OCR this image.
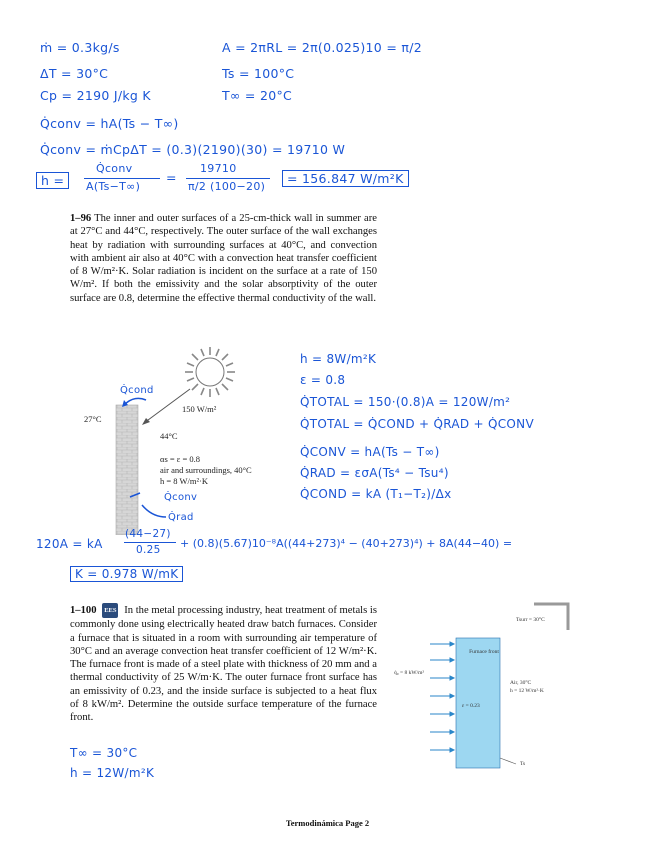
ṁ = 0.3kg/s	A = 2πRL = 2π(0.025)10 = π/2
ΔT = 30°C	Ts = 100°C
Cp = 2190 J/kg K	T∞ = 20°C
Q̇conv = hA(Ts − T∞)
Q̇conv = ṁCpΔT = (0.3)(2190)(30) = 19710 W
h =
Q̇conv
A(Ts−T∞)
=
19710
π/2 (100−20)
= 156.847 W/m²K
1–96 The inner and outer surfaces of a 25-cm-thick wall in summer are at 27°C and 44°C, respectively. The outer surface of the wall exchanges heat by radiation with surrounding surfaces at 40°C, and convection with ambient air also at 40°C with a convection heat transfer coefficient of 8 W/m²·K. Solar radiation is incident on the surface at a rate of 150 W/m². If both the emissivity and the solar absorptivity of the outer surface are 0.8, determine the effective thermal conductivity of the wall.
150 W/m²
27°C
44°C
αs = ε = 0.8
air and surroundings, 40°C
h = 8 W/m²·K
Q̇cond
Q̇conv
Q̇rad
h = 8W/m²K
ε = 0.8
Q̇TOTAL = 150·(0.8)A = 120W/m²
Q̇TOTAL = Q̇COND + Q̇RAD + Q̇CONV
Q̇CONV = hA(Ts − T∞)
Q̇RAD = εσA(Ts⁴ − Tsu⁴)
Q̇COND = kA (T₁−T₂)/Δx
120A = kA
(44−27)
0.25 + (0.8)(5.67)10⁻⁸A((44+273)⁴ − (40+273)⁴) + 8A(44−40) =
K = 0.978 W/mK
1–100 EES In the metal processing industry, heat treatment of metals is commonly done using electrically heated draw batch furnaces. Consider a furnace that is situated in a room with surrounding air temperature of 30°C and an average convection heat transfer coefficient of 12 W/m²·K. The furnace front is made of a steel plate with thickness of 20 mm and a thermal conductivity of 25 W/m·K. The outer furnace front surface has an emissivity of 0.23, and the inside surface is subjected to a heat flux of 8 kW/m². Determine the outside surface temperature of the furnace front.
Tsurr = 30°C
Furnace front
q̇₀ = 8 kW/m²
Air, 30°C
h = 12 W/m²·K
ε = 0.23
Ts
T∞ = 30°C
h = 12W/m²K
Termodinámica Page 2
